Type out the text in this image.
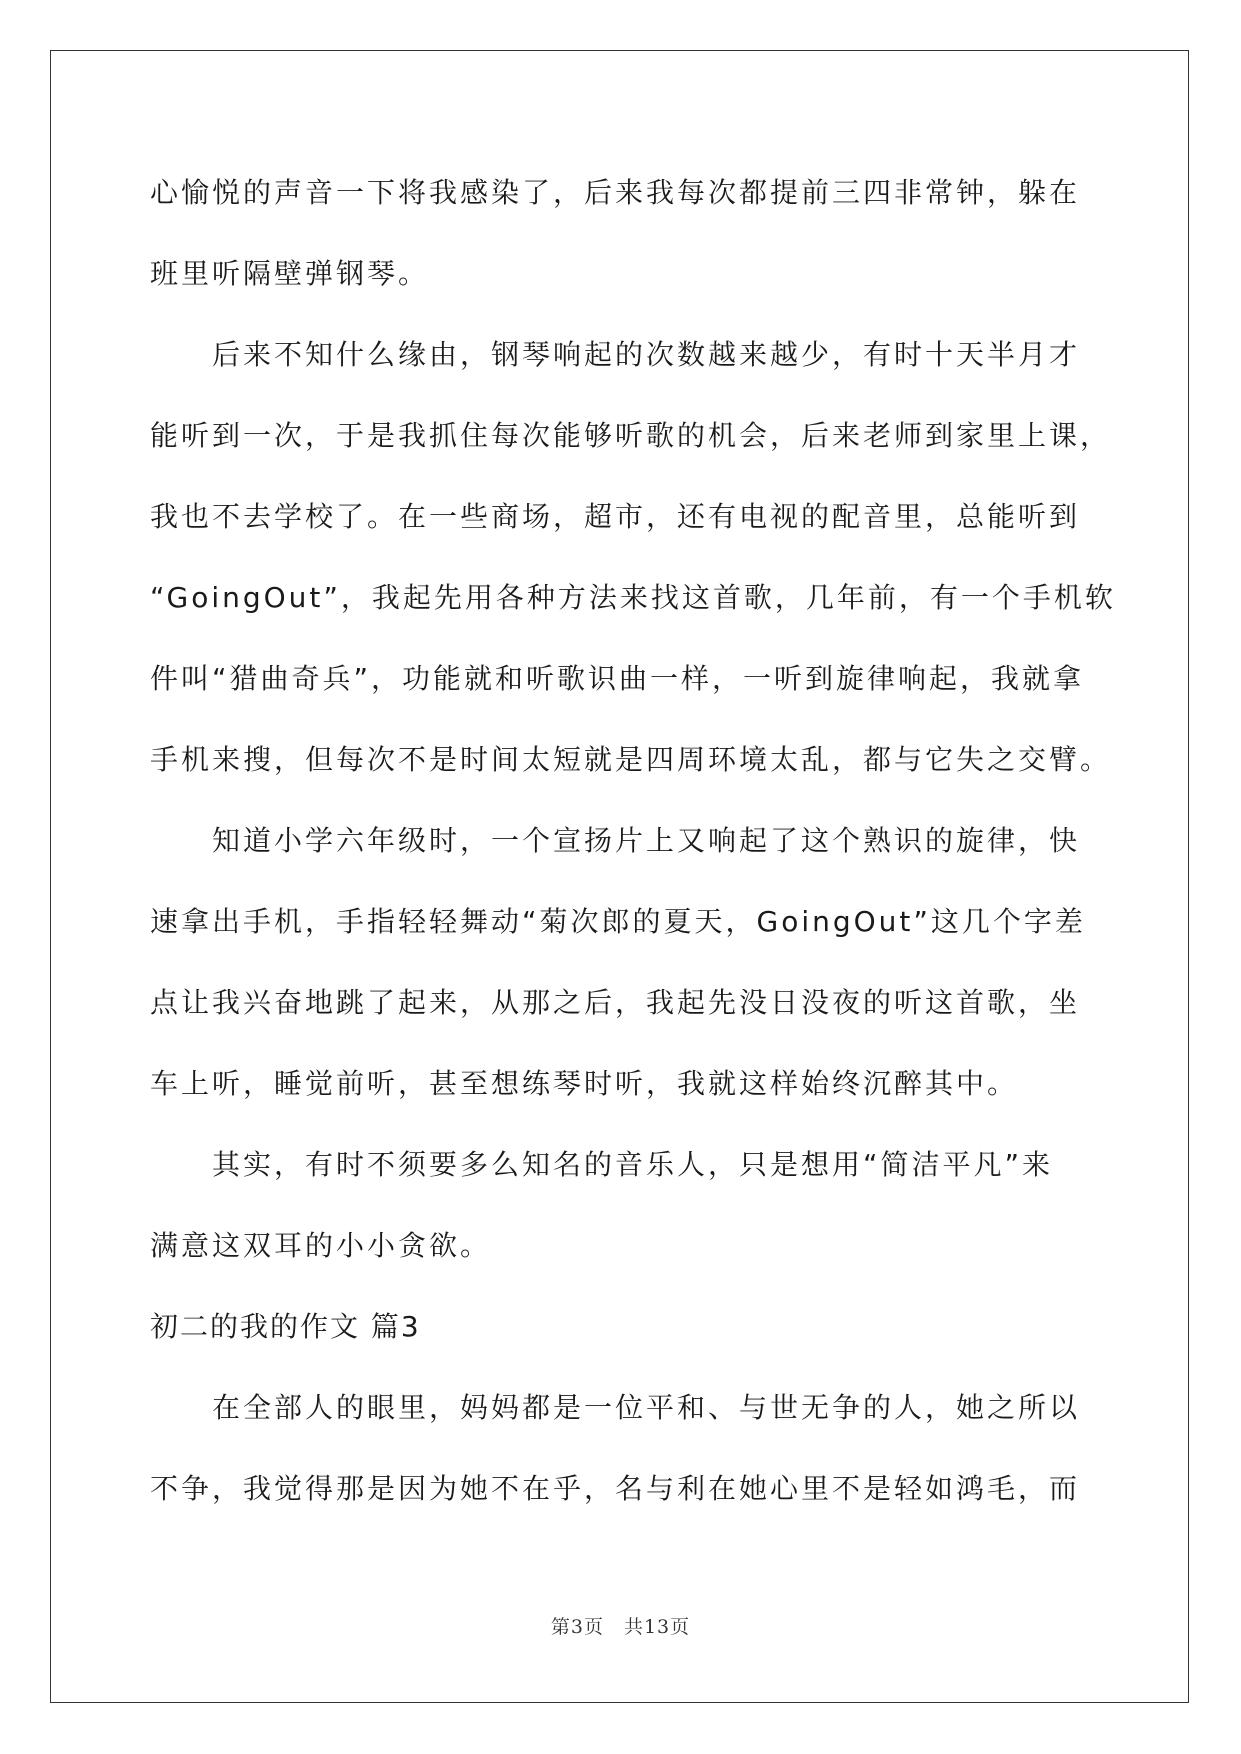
心愉悦的声音一下将我感染了，后来我每次都提前三四非常钟，躲在

班里听隔壁弹钢琴。

　　后来不知什么缘由，钢琴响起的次数越来越少，有时十天半月才

能听到一次，于是我抓住每次能够听歌的机会，后来老师到家里上课，

我也不去学校了。在一些商场，超市，还有电视的配音里，总能听到

“GoingOut”，我起先用各种方法来找这首歌，几年前，有一个手机软

件叫“猎曲奇兵”，功能就和听歌识曲一样，一听到旋律响起，我就拿

手机来搜，但每次不是时间太短就是四周环境太乱，都与它失之交臂。

　　知道小学六年级时，一个宣扬片上又响起了这个熟识的旋律，快

速拿出手机，手指轻轻舞动“菊次郎的夏天，GoingOut”这几个字差

点让我兴奋地跳了起来，从那之后，我起先没日没夜的听这首歌，坐

车上听，睡觉前听，甚至想练琴时听，我就这样始终沉醉其中。

　　其实，有时不须要多么知名的音乐人，只是想用“简洁平凡”来

满意这双耳的小小贪欲。

初二的我的作文 篇3

　　在全部人的眼里，妈妈都是一位平和、与世无争的人，她之所以

不争，我觉得那是因为她不在乎，名与利在她心里不是轻如鸿毛，而

第3页　共13页
